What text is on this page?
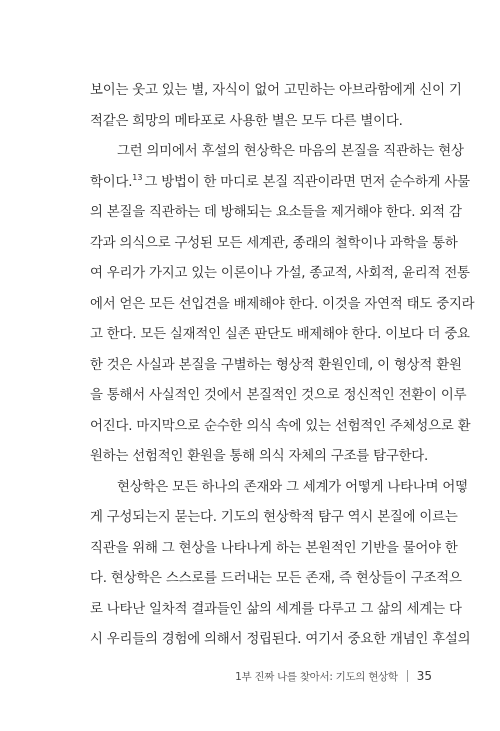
보이는 웃고 있는 별, 자식이 없어 고민하는 아브라함에게 신이 기
적같은 희망의 메타포로 사용한 별은 모두 다른 별이다.
그런 의미에서 후설의 현상학은 마음의 본질을 직관하는 현상
학이다.$^{13}$ 그 방법이 한 마디로 본질 직관이라면 먼저 순수하게 사물
의 본질을 직관하는 데 방해되는 요소들을 제거해야 한다. 외적 감
각과 의식으로 구성된 모든 세계관, 종래의 철학이나 과학을 통하
여 우리가 가지고 있는 이론이나 가설, 종교적, 사회적, 윤리적 전통
에서 얻은 모든 선입견을 배제해야 한다. 이것을 자연적 태도 중지라
고 한다. 모든 실재적인 실존 판단도 배제해야 한다. 이보다 더 중요
한 것은 사실과 본질을 구별하는 형상적 환원인데, 이 형상적 환원
을 통해서 사실적인 것에서 본질적인 것으로 정신적인 전환이 이루
어진다. 마지막으로 순수한 의식 속에 있는 선험적인 주체성으로 환
원하는 선험적인 환원을 통해 의식 자체의 구조를 탐구한다.
현상학은 모든 하나의 존재와 그 세계가 어떻게 나타나며 어떻
게 구성되는지 묻는다. 기도의 현상학적 탐구 역시 본질에 이르는
직관을 위해 그 현상을 나타나게 하는 본원적인 기반을 물어야 한
다. 현상학은 스스로를 드러내는 모든 존재, 즉 현상들이 구조적으
로 나타난 일차적 결과들인 삶의 세계를 다루고 그 삶의 세계는 다
시 우리들의 경험에 의해서 정립된다. 여기서 중요한 개념인 후설의
1부 진짜 나를 찾아서: 기도의 현상학 35
